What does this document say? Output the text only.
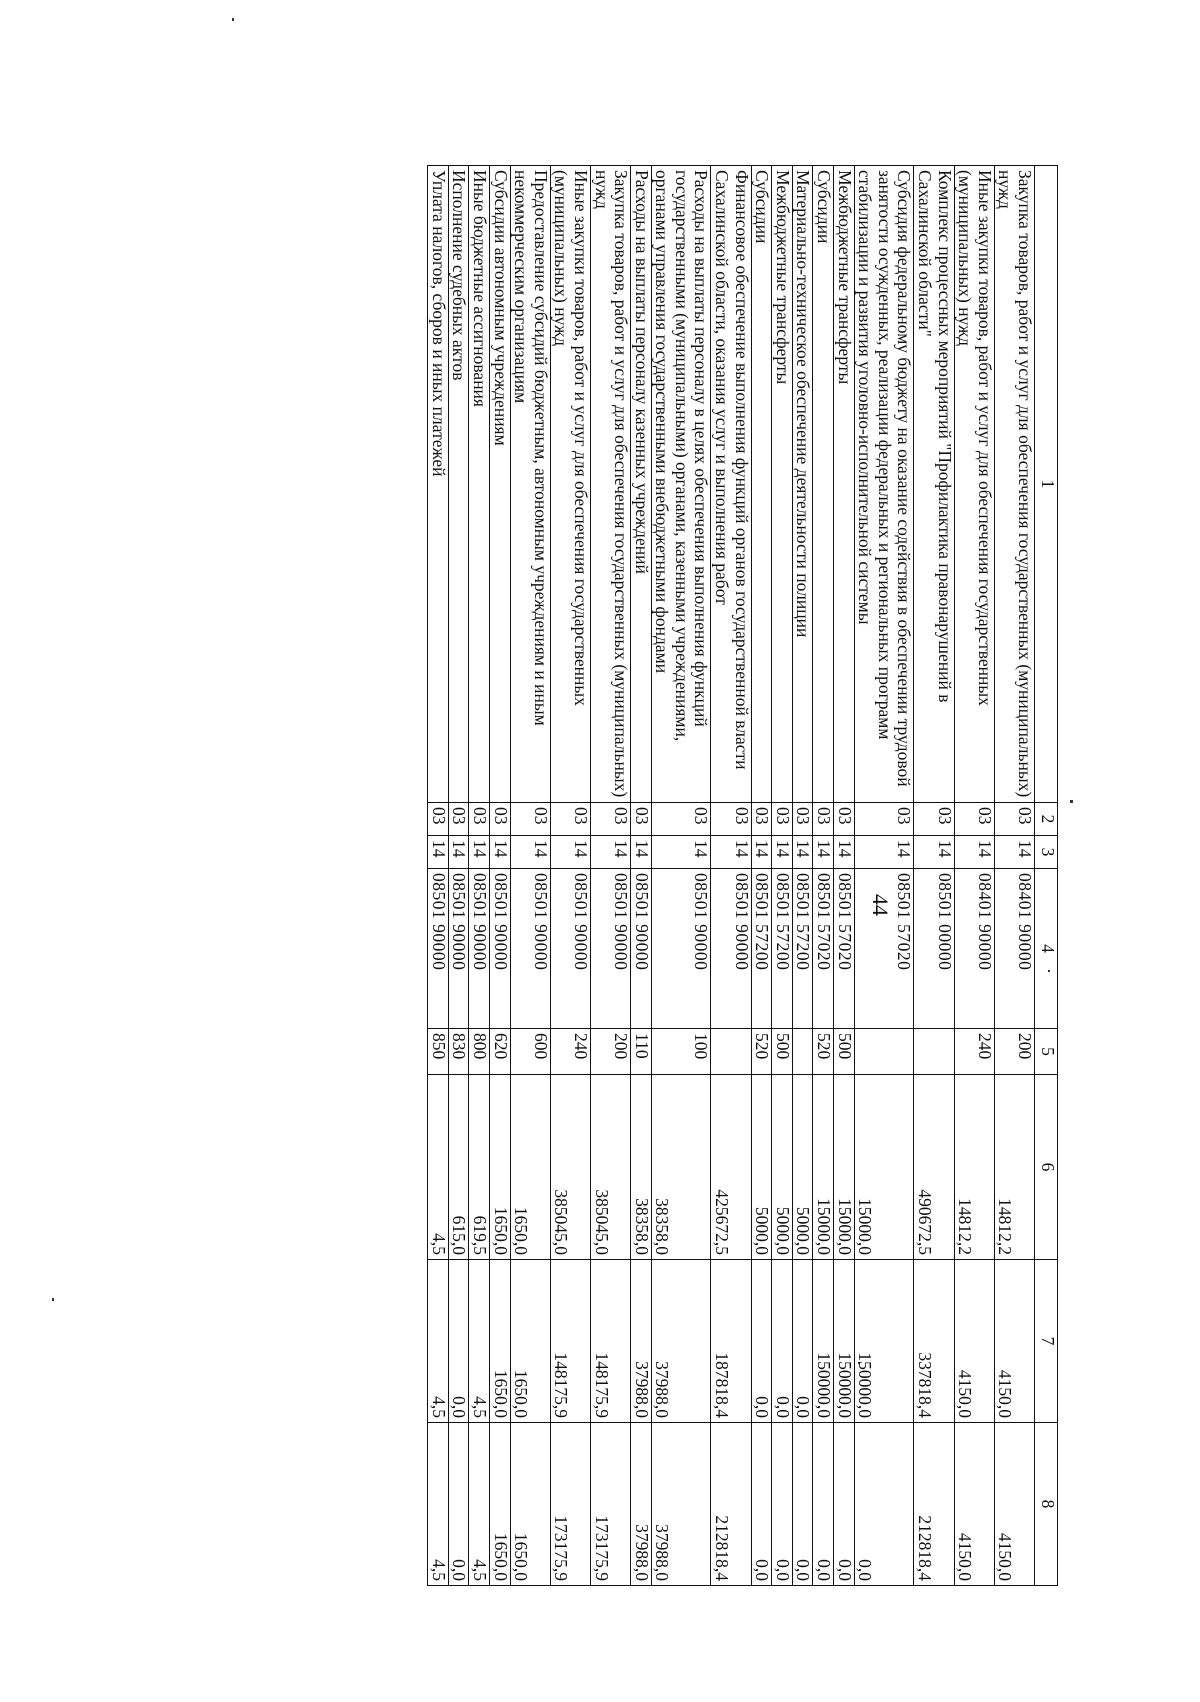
44
1	2	3	4	5	6	7	8
Закупка товаров, работ и услуг для обеспечения государственных (муниципальных) нужд	03	14	08401 90000	200	14812,2	4150,0	4150,0
Иные закупки товаров, работ и услуг для обеспечения государственных (муниципальных) нужд	03	14	08401 90000	240	14812,2	4150,0	4150,0
Комплекс процессных мероприятий "Профилактика правонарушений в Сахалинской области"	03	14	08501 00000		490672,5	337818,4	212818,4
Субсидия федеральному бюджету на оказание содействия в обеспечении трудовой занятости осужденных, реализации федеральных и региональных программ стабилизации и развития уголовно-исполнительной системы	03	14	08501 57020		15000,0	150000,0	0,0
Межбюджетные трансферты	03	14	08501 57020	500	15000,0	150000,0	0,0
Субсидии	03	14	08501 57020	520	15000,0	150000,0	0,0
Материально-техническое обеспечение деятельности полиции	03	14	08501 57200		5000,0	0,0	0,0
Межбюджетные трансферты	03	14	08501 57200	500	5000,0	0,0	0,0
Субсидии	03	14	08501 57200	520	5000,0	0,0	0,0
Финансовое обеспечение выполнения функций органов государственной власти Сахалинской области, оказания услуг и выполнения работ	03	14	08501 90000		425672,5	187818,4	212818,4
Расходы на выплаты персоналу в целях обеспечения выполнения функций государственными (муниципальными) органами, казенными учреждениями, органами управления государственными внебюджетными фондами	03	14	08501 90000	100	38358,0	37988,0	37988,0
Расходы на выплаты персоналу казенных учреждений	03	14	08501 90000	110	38358,0	37988,0	37988,0
Закупка товаров, работ и услуг для обеспечения государственных (муниципальных) нужд	03	14	08501 90000	200	385045,0	148175,9	173175,9
Иные закупки товаров, работ и услуг для обеспечения государственных (муниципальных) нужд	03	14	08501 90000	240	385045,0	148175,9	173175,9
Предоставление субсидий бюджетным, автономным учреждениям и иным некоммерческим организациям	03	14	08501 90000	600	1650,0	1650,0	1650,0
Субсидии автономным учреждениям	03	14	08501 90000	620	1650,0	1650,0	1650,0
Иные бюджетные ассигнования	03	14	08501 90000	800	619,5	4,5	4,5
Исполнение судебных актов	03	14	08501 90000	830	615,0	0,0	0,0
Уплата налогов, сборов и иных платежей	03	14	08501 90000	850	4,5	4,5	4,5
